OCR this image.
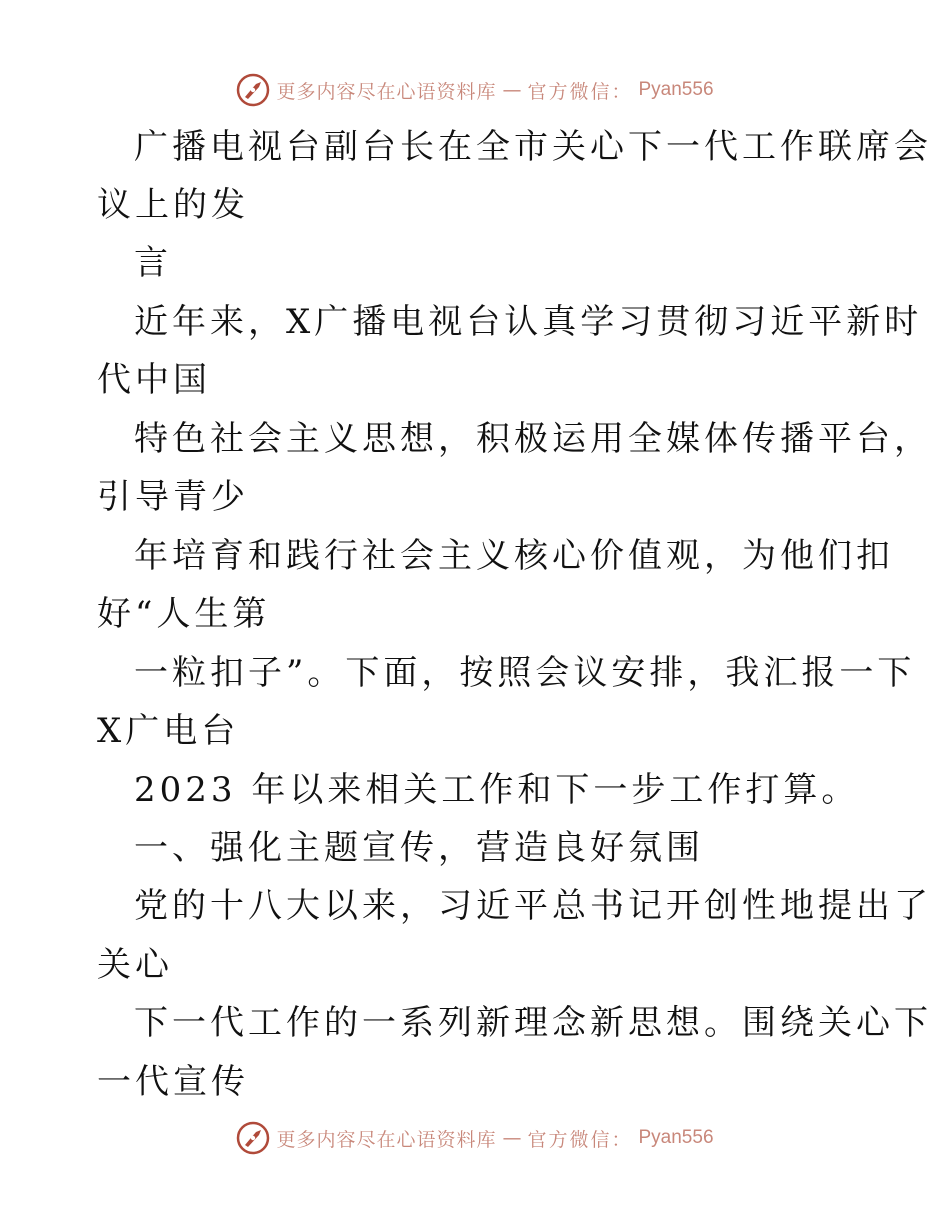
更多内容尽在心语资料库 — 官方微信： Pyan556
广播电视台副台长在全市关心下一代工作联席会
议上的发
言
近年来，X广播电视台认真学习贯彻习近平新时
代中国
特色社会主义思想，积极运用全媒体传播平台，
引导青少
年培育和践行社会主义核心价值观，为他们扣
好“人生第
一粒扣子”。下面，按照会议安排，我汇报一下
X广电台
2023 年以来相关工作和下一步工作打算。
一、强化主题宣传，营造良好氛围
党的十八大以来，习近平总书记开创性地提出了
关心
下一代工作的一系列新理念新思想。围绕关心下
一代宣传
更多内容尽在心语资料库 — 官方微信： Pyan556
